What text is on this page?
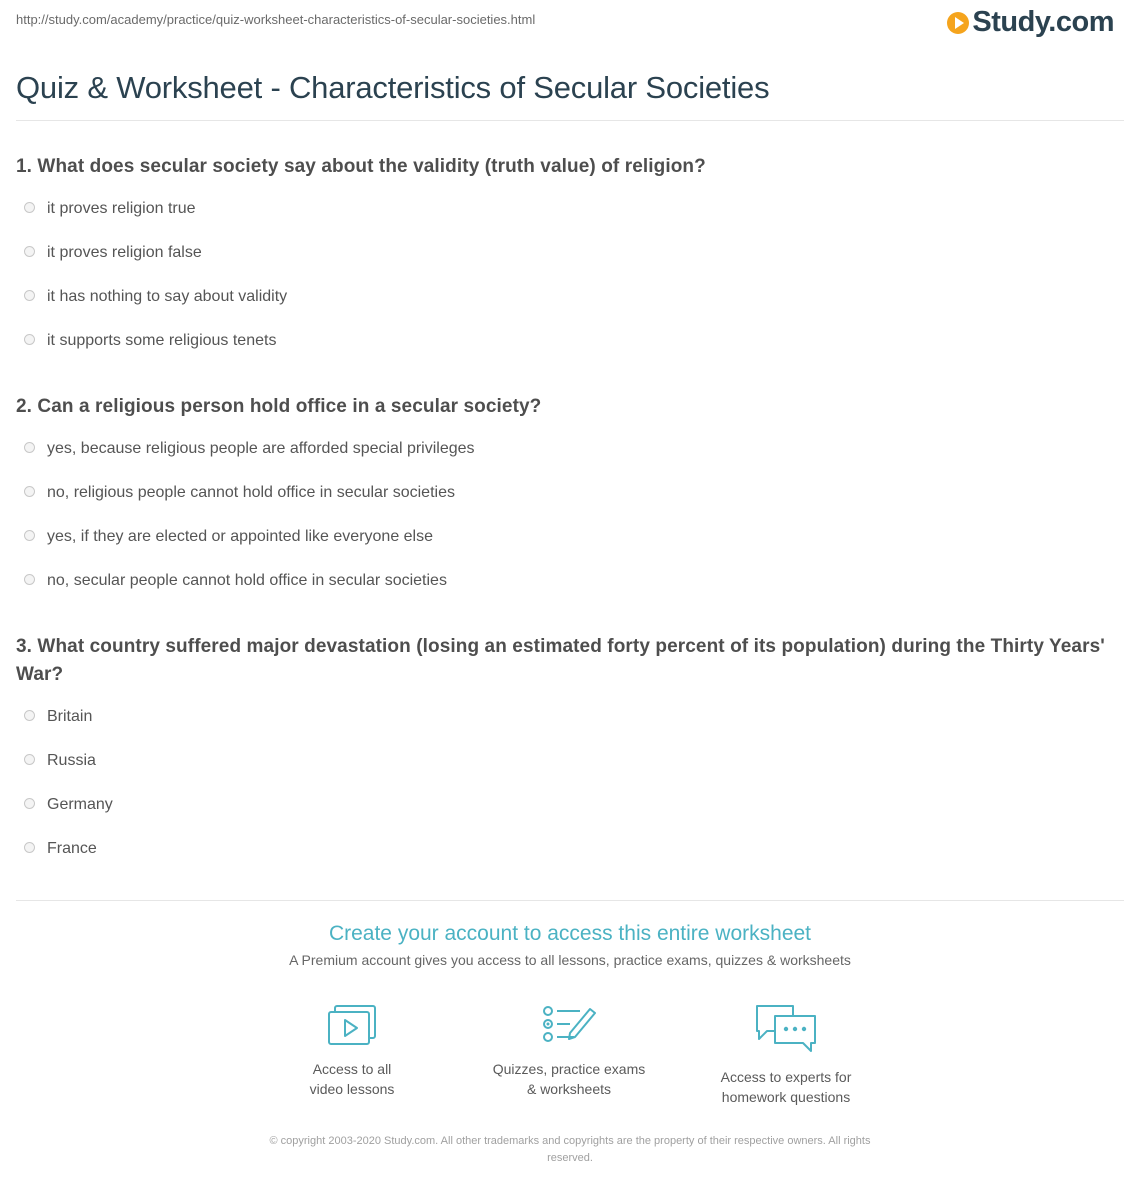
http://study.com/academy/practice/quiz-worksheet-characteristics-of-secular-societies.html	Study.com
Quiz & Worksheet - Characteristics of Secular Societies

1. What does secular society say about the validity (truth value) of religion?

it proves religion true
it proves religion false
it has nothing to say about validity
it supports some religious tenets

2. Can a religious person hold office in a secular society?

yes, because religious people are afforded special privileges
no, religious people cannot hold office in secular societies
yes, if they are elected or appointed like everyone else
no, secular people cannot hold office in secular societies

3. What country suffered major devastation (losing an estimated forty percent of its population) during the Thirty Years' War?

Britain
Russia
Germany
France

Create your account to access this entire worksheet

A Premium account gives you access to all lessons, practice exams, quizzes & worksheets
Access to all
video lessons
Quizzes, practice exams
& worksheets
Access to experts for
homework questions
© copyright 2003-2020 Study.com. All other trademarks and copyrights are the property of their respective owners. All rights
reserved.
